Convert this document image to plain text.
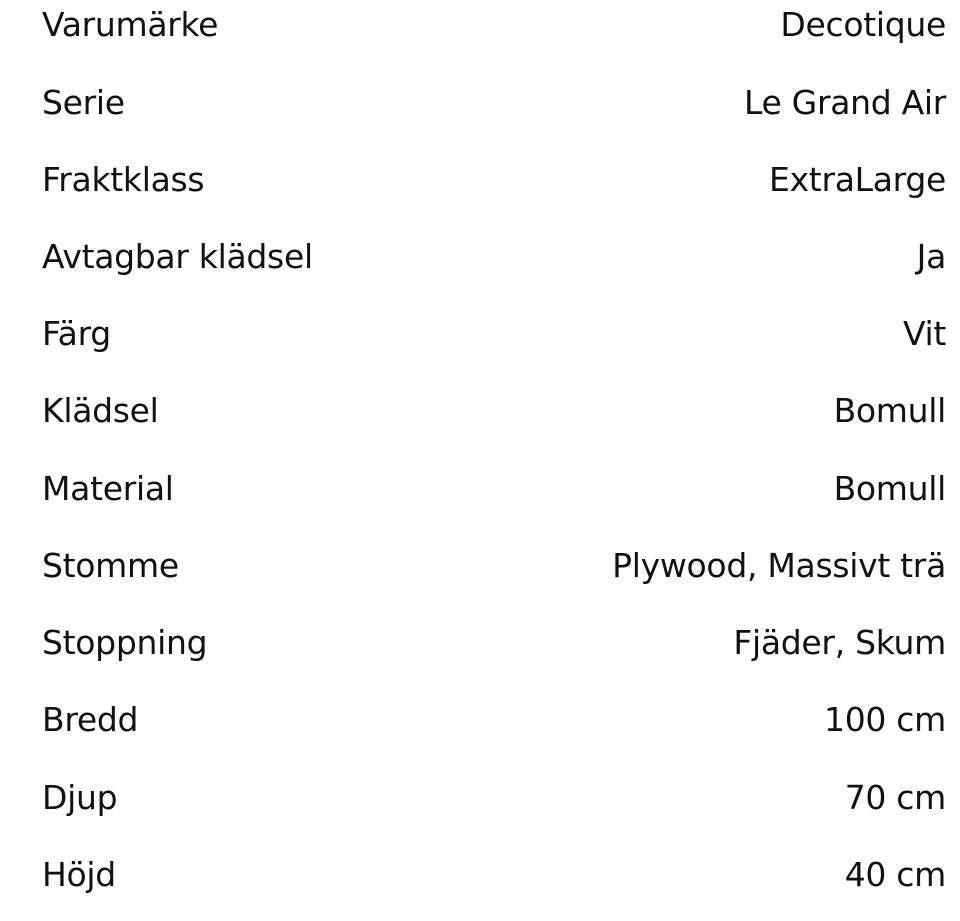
Varumärke	Decotique
Serie	Le Grand Air
Fraktklass	ExtraLarge
Avtagbar klädsel	Ja
Färg	Vit
Klädsel	Bomull
Material	Bomull
Stomme	Plywood, Massivt trä
Stoppning	Fjäder, Skum
Bredd	100 cm
Djup	70 cm
Höjd	40 cm
